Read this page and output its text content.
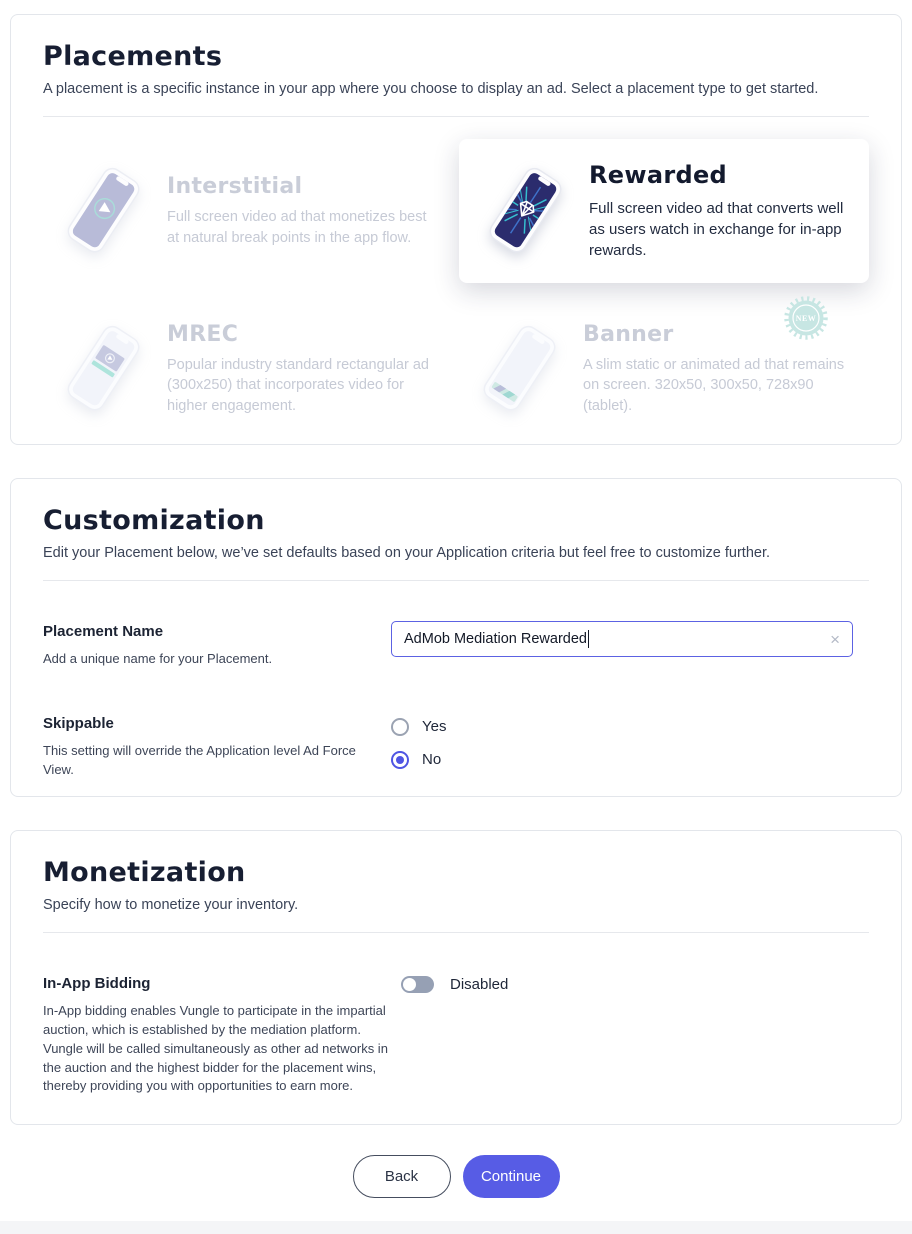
Placements

A placement is a specific instance in your app where you choose to display an ad. Select a placement type to get started.

Interstitial
Full screen video ad that monetizes best at natural break points in the app flow.
Rewarded
Full screen video ad that converts well as users watch in exchange for in-app rewards.
MREC
Popular industry standard rectangular ad (300x250) that incorporates video for higher engagement.
Banner
A slim static or animated ad that remains on screen. 320x50, 300x50, 728x90 (tablet).
NEW
Customization

Edit your Placement below, we’ve set defaults based on your Application criteria but feel free to customize further.

Placement Name
Add a unique name for your Placement.
AdMob Mediation Rewarded	×
Skippable
This setting will override the Application level Ad Force View.
Yes
No
Monetization

Specify how to monetize your inventory.

In-App Bidding
In-App bidding enables Vungle to participate in the impartial auction, which is established by the mediation platform. Vungle will be called simultaneously as other ad networks in the auction and the highest bidder for the placement wins, thereby providing you with opportunities to earn more.
Disabled
Back	Continue
